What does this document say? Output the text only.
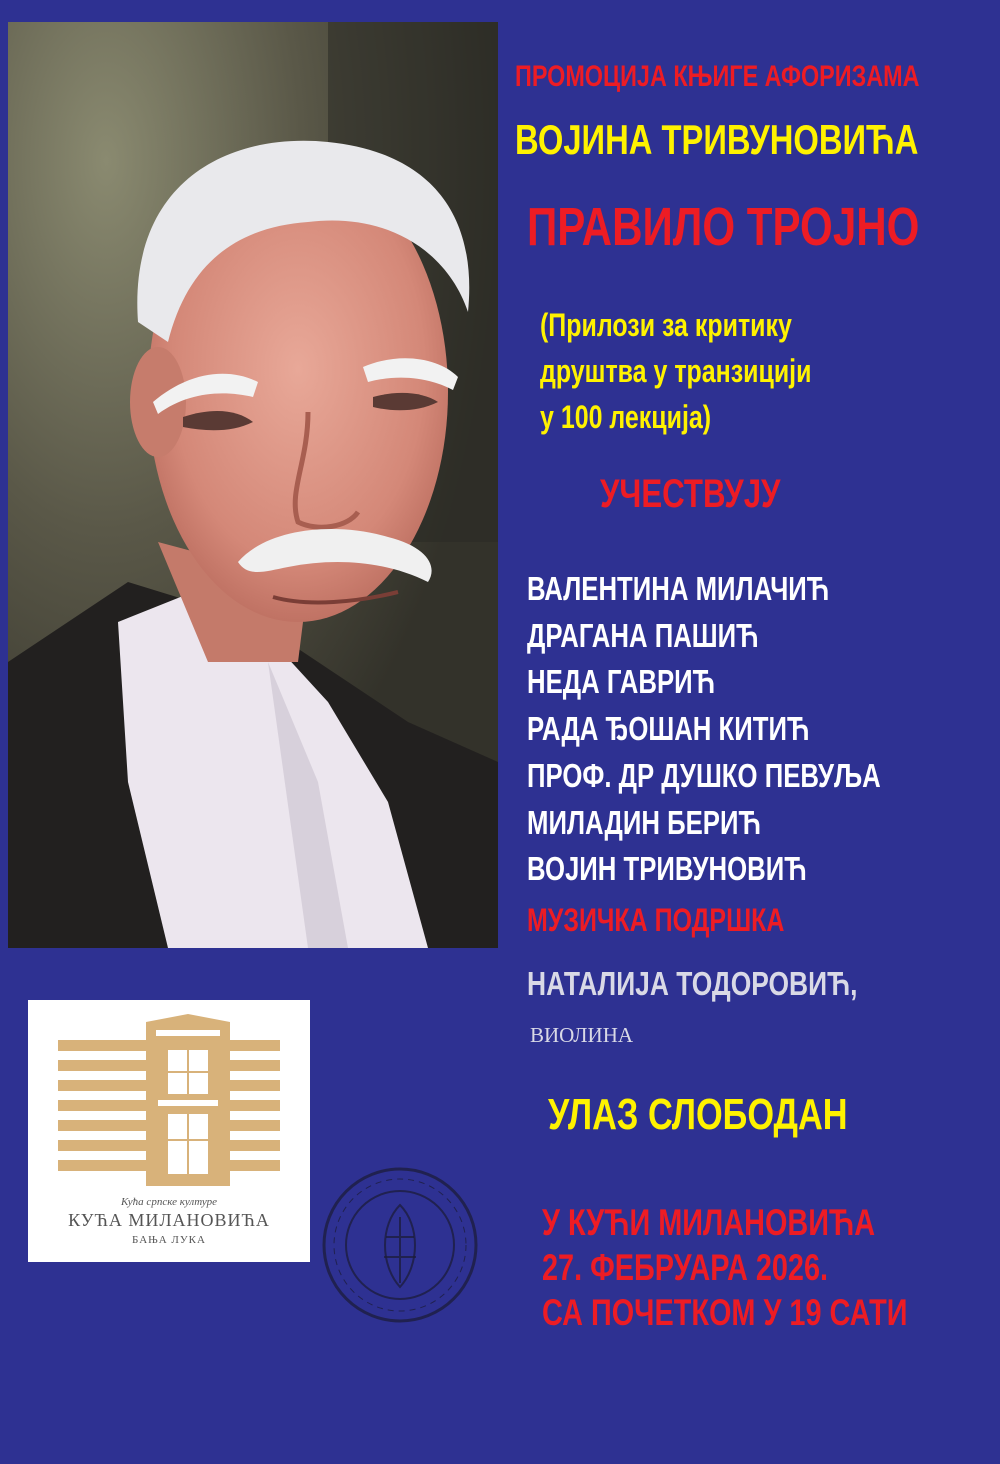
ПРОМОЦИЈА КЊИГЕ АФОРИЗАМА
ВОЈИНА ТРИВУНОВИЋА
ПРАВИЛО ТРОЈНО
(Прилози за критику
друштва у транзицији
у 100 лекција)
УЧЕСТВУЈУ
ВАЛЕНТИНА МИЛАЧИЋ
ДРАГАНА ПАШИЋ
НЕДА ГАВРИЋ
РАДА ЂОШАН КИТИЋ
ПРОФ. ДР ДУШКО ПЕВУЉА
МИЛАДИН БЕРИЋ
ВОЈИН ТРИВУНОВИЋ
МУЗИЧКА ПОДРШКА
НАТАЛИЈА ТОДОРОВИЋ,
ВИОЛИНА
УЛАЗ СЛОБОДАН
У КУЋИ МИЛАНОВИЋА
27. ФЕБРУАРА 2026.
СА ПОЧЕТКОМ У 19 САТИ
Кућа српске културе
КУЋА МИЛАНОВИЋА
БАЊА ЛУКА
